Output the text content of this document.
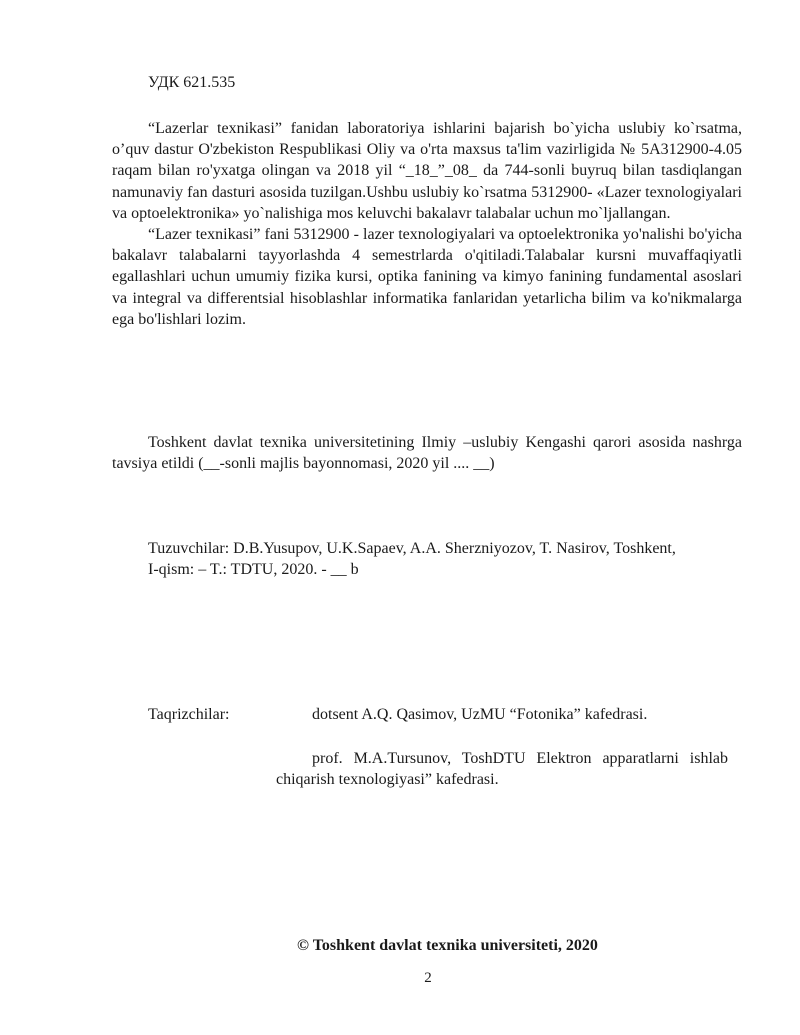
УДК 621.535

“Lazerlar texnikasi” fanidan laboratoriya ishlarini bajarish bo`yicha uslubiy ko`rsatma, o’quv dastur O'zbekiston Respublikasi Oliy va o'rta maxsus ta'lim vazirligida № 5A312900-4.05 raqam bilan ro'yxatga olingan va 2018 yil “_18_”_08_ da 744-sonli buyruq bilan tasdiqlangan namunaviy fan dasturi asosida tuzilgan.Ushbu uslubiy ko`rsatma 5312900- «Lazer texnologiyalari va optoelektronika» yo`nalishiga mos keluvchi bakalavr talabalar uchun mo`ljallangan.

“Lazer texnikasi” fani 5312900 - lazer texnologiyalari va optoelektronika yo'nalishi bo'yicha bakalavr talabalarni tayyorlashda 4 semestrlarda o'qitiladi.Talabalar kursni muvaffaqiyatli egallashlari uchun umumiy fizika kursi, optika fanining va kimyo fanining fundamental asoslari va integral va differentsial hisoblashlar informatika fanlaridan yetarlicha bilim va ko'nikmalarga ega bo'lishlari lozim.

Toshkent davlat texnika universitetining Ilmiy –uslubiy Kengashi qarori asosida nashrga tavsiya etildi (__-sonli majlis bayonnomasi, 2020 yil .... __)

Tuzuvchilar: D.B.Yusupov, U.K.Sapaev, A.A. Sherzniyozov, T. Nasirov, Toshkent,

I-qism: – T.: TDTU, 2020. - __ b

Taqrizchilar:	dotsent A.Q. Qasimov, UzMU “Fotonika” kafedrasi.

prof. M.A.Tursunov, ToshDTU Elektron apparatlarni ishlab chiqarish texnologiyasi” kafedrasi.

© Toshkent davlat texnika universiteti, 2020
2
